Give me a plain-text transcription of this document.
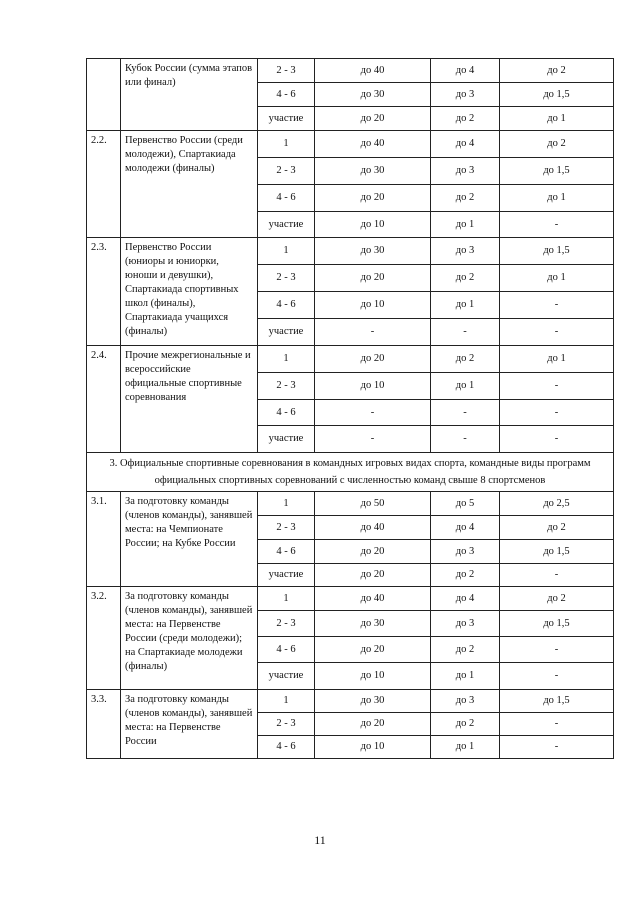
	Кубок России (сумма этапов или финал)	2 - 3	до 40	до 4	до 2
		4 - 6	до 30	до 3	до 1,5
		участие	до 20	до 2	до 1
2.2.	Первенство России (среди молодежи), Спартакиада молодежи (финалы)	1	до 40	до 4	до 2
		2 - 3	до 30	до 3	до 1,5
		4 - 6	до 20	до 2	до 1
		участие	до 10	до 1	-
2.3.	Первенство России (юниоры и юниорки, юноши и девушки), Спартакиада спортивных школ (финалы), Спартакиада учащихся (финалы)	1	до 30	до 3	до 1,5
		2 - 3	до 20	до 2	до 1
		4 - 6	до 10	до 1	-
		участие	-	-	-
2.4.	Прочие межрегиональные и всероссийские официальные спортивные соревнования	1	до 20	до 2	до 1
		2 - 3	до 10	до 1	-
		4 - 6	-	-	-
		участие	-	-	-
3. Официальные спортивные соревнования в командных игровых видах спорта, командные виды программ официальных спортивных соревнований с численностью команд свыше 8 спортсменов					
3.1.	За подготовку команды (членов команды), занявшей места: на Чемпионате России; на Кубке России	1	до 50	до 5	до 2,5
		2 - 3	до 40	до 4	до 2
		4 - 6	до 20	до 3	до 1,5
		участие	до 20	до 2	-
3.2.	За подготовку команды (членов команды), занявшей места: на Первенстве России (среди молодежи); на Спартакиаде молодежи (финалы)	1	до 40	до 4	до 2
		2 - 3	до 30	до 3	до 1,5
		4 - 6	до 20	до 2	-
		участие	до 10	до 1	-
3.3.	За подготовку команды (членов команды), занявшей места: на Первенстве России	1	до 30	до 3	до 1,5
		2 - 3	до 20	до 2	-
		4 - 6	до 10	до 1	-
11
